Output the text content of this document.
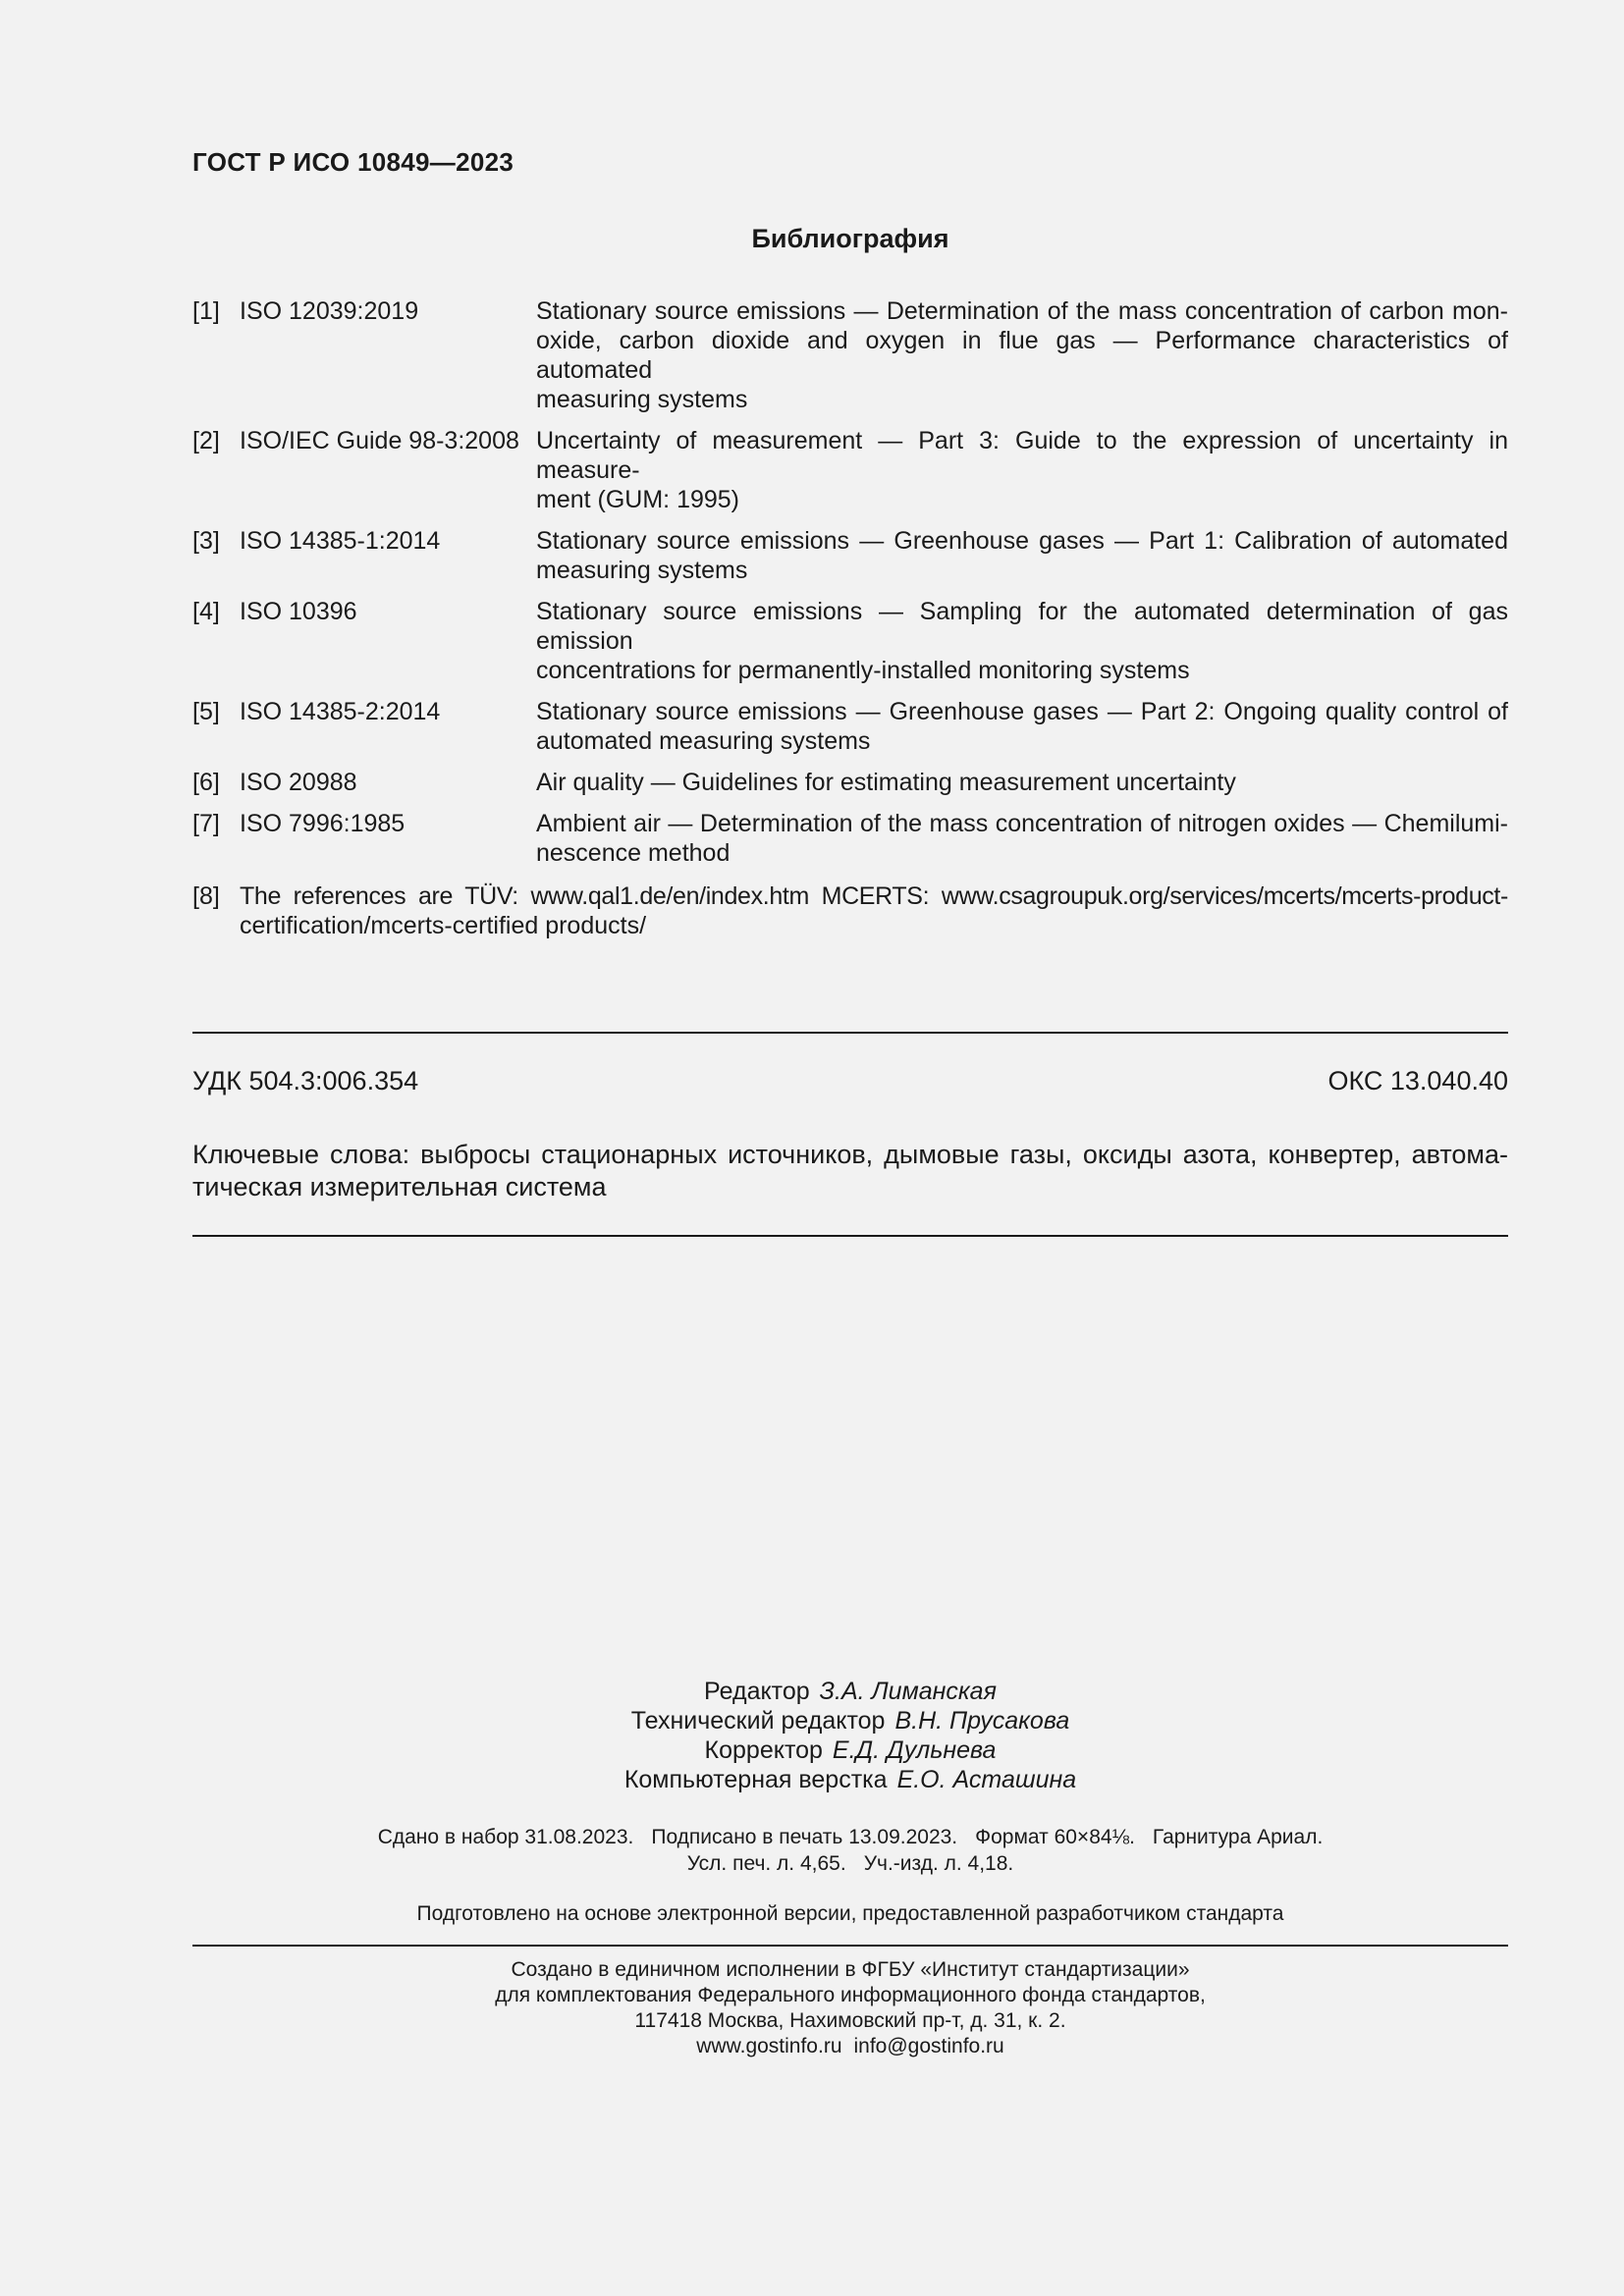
ГОСТ Р ИСО 10849—2023
Библиография
[1] ISO 12039:2019	Stationary source emissions — Determination of the mass concentration of carbon mon-
oxide, carbon dioxide and oxygen in flue gas — Performance characteristics of automated
measuring systems
[2] ISO/IEC Guide 98-3:2008 Uncertainty of measurement — Part 3: Guide to the expression of uncertainty in measure-
ment (GUM: 1995)
[3] ISO 14385-1:2014	Stationary source emissions — Greenhouse gases — Part 1: Calibration of automated
measuring systems
[4] ISO 10396	Stationary source emissions — Sampling for the automated determination of gas emission
concentrations for permanently-installed monitoring systems
[5] ISO 14385-2:2014	Stationary source emissions — Greenhouse gases — Part 2: Ongoing quality control of
automated measuring systems
[6] ISO 20988	Air quality — Guidelines for estimating measurement uncertainty
[7] ISO 7996:1985	Ambient air — Determination of the mass concentration of nitrogen oxides — Chemilumi-
nescence method
[8] The references are TÜV: www.qal1.de/en/index.htm MCERTS: www.csagroupuk.org/services/mcerts/mcerts-product-
certification/mcerts-certified products/
УДК 504.3:006.354	ОКС 13.040.40
Ключевые слова: выбросы стационарных источников, дымовые газы, оксиды азота, конвертер, автома-
тическая измерительная система
Редактор З.А. Лиманская
Технический редактор В.Н. Прусакова
Корректор Е.Д. Дульнева
Компьютерная верстка Е.О. Асташина
Сдано в набор 31.08.2023. Подписано в печать 13.09.2023. Формат 60×84⅛. Гарнитура Ариал.
Усл. печ. л. 4,65. Уч.-изд. л. 4,18.
Подготовлено на основе электронной версии, предоставленной разработчиком стандарта
Создано в единичном исполнении в ФГБУ «Институт стандартизации»
для комплектования Федерального информационного фонда стандартов,
117418 Москва, Нахимовский пр-т, д. 31, к. 2.
www.gostinfo.ru info@gostinfo.ru
